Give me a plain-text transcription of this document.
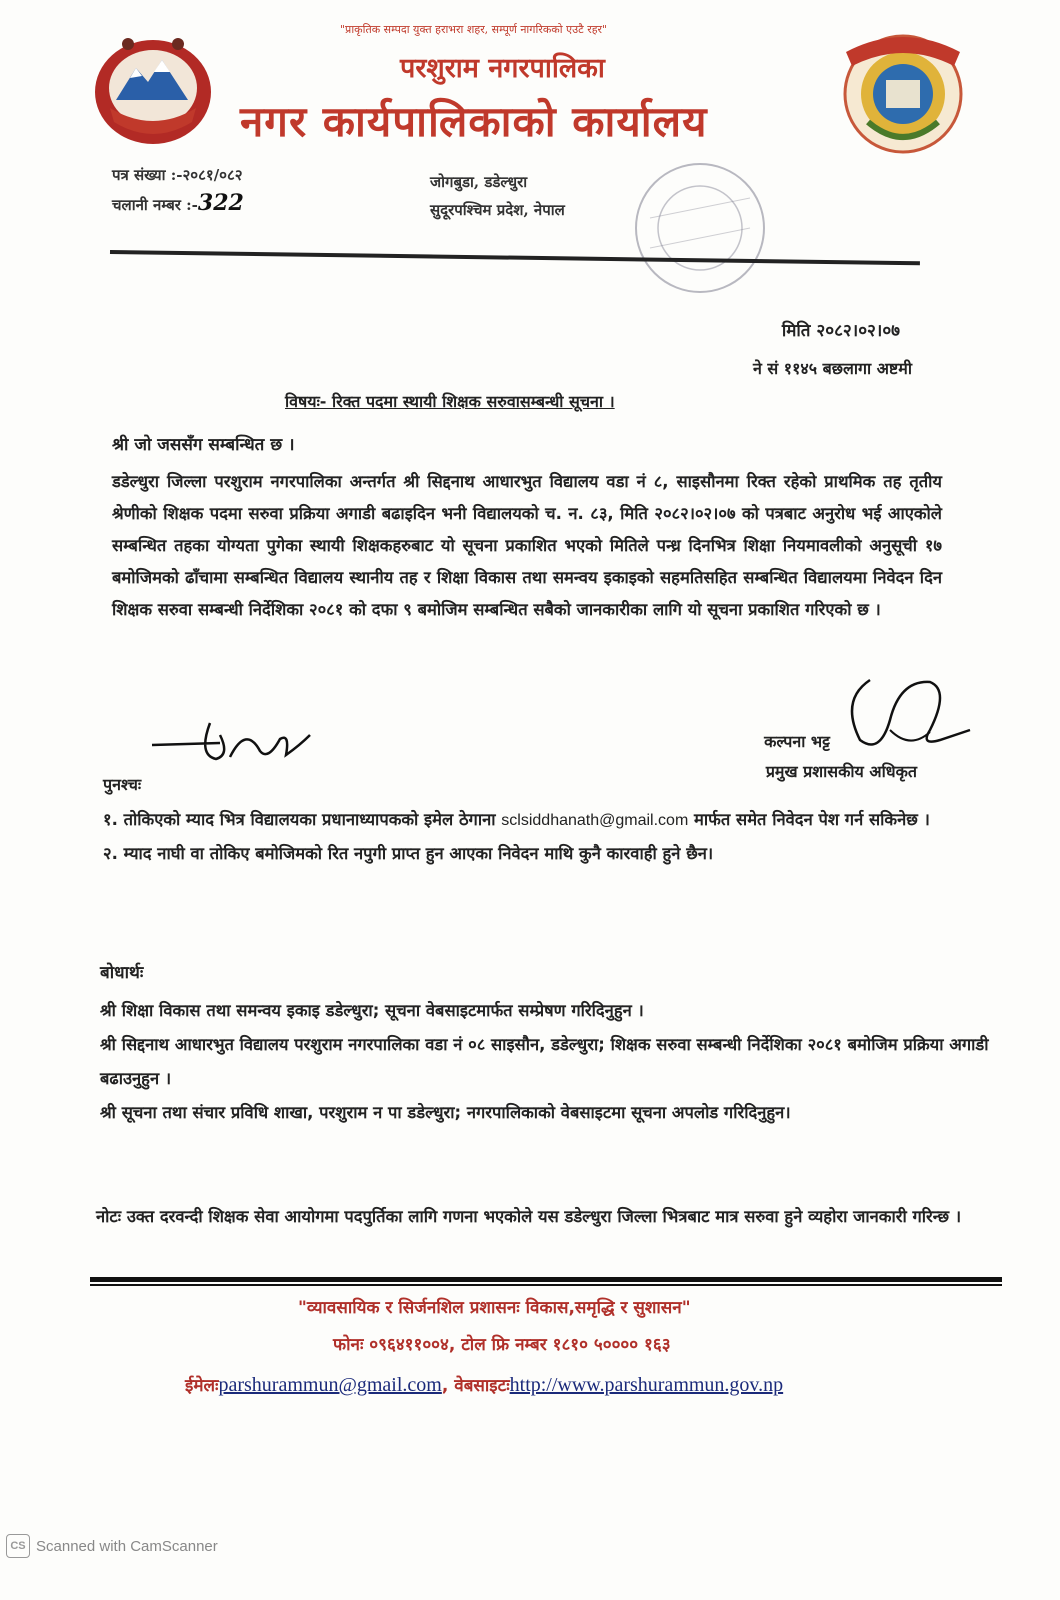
"प्राकृतिक सम्पदा युक्त हराभरा शहर, सम्पूर्ण नागरिकको एउटै रहर"
परशुराम नगरपालिका
नगर कार्यपालिकाको कार्यालय
पत्र संख्या :-२०८१/०८२
चलानी नम्बर :-322
जोगबुडा, डडेल्धुरा
सुदूरपश्चिम प्रदेश, नेपाल
मिति २०८२।०२।०७
ने सं ११४५ बछलागा अष्टमी
विषयः- रिक्त पदमा स्थायी शिक्षक सरुवासम्बन्धी सूचना ।
श्री जो जससँग सम्बन्धित छ ।
डडेल्धुरा जिल्ला परशुराम नगरपालिका अन्तर्गत श्री सिद्दनाथ आधारभुत विद्यालय वडा नं ८, साइसौनमा रिक्त रहेको प्राथमिक तह तृतीय श्रेणीको शिक्षक पदमा सरुवा प्रक्रिया अगाडी बढाइदिन भनी विद्यालयको च. न. ८३, मिति २०८२।०२।०७ को पत्रबाट अनुरोध भई आएकोले सम्बन्धित तहका योग्यता पुगेका स्थायी शिक्षकहरुबाट यो सूचना प्रकाशित भएको मितिले पन्ध्र दिनभित्र शिक्षा नियमावलीको अनुसूची १७ बमोजिमको ढाँचामा सम्बन्धित विद्यालय स्थानीय तह र शिक्षा विकास तथा समन्वय इकाइको सहमतिसहित सम्बन्धित विद्यालयमा निवेदन दिन शिक्षक सरुवा सम्बन्धी निर्देशिका २०८१ को दफा ९ बमोजिम सम्बन्धित सबैको जानकारीका लागि यो सूचना प्रकाशित गरिएको छ ।
कल्पना भट्ट
प्रमुख प्रशासकीय अधिकृत
पुनश्चः
१. तोकिएको म्याद भित्र विद्यालयका प्रधानाध्यापकको इमेल ठेगाना sclsiddhanath@gmail.com मार्फत समेत निवेदन पेश गर्न सकिनेछ ।
२. म्याद नाघी वा तोकिए बमोजिमको रित नपुगी प्राप्त हुन आएका निवेदन माथि कुनै कारवाही हुने छैन।
बोधार्थः
श्री शिक्षा विकास तथा समन्वय इकाइ डडेल्धुरा; सूचना वेबसाइटमार्फत सम्प्रेषण गरिदिनुहुन ।
श्री सिद्दनाथ आधारभुत विद्यालय परशुराम नगरपालिका वडा नं ०८ साइसौन, डडेल्धुरा; शिक्षक सरुवा सम्बन्धी निर्देशिका २०८१ बमोजिम प्रक्रिया अगाडी बढाउनुहुन ।
श्री सूचना तथा संचार प्रविधि शाखा, परशुराम न पा डडेल्धुरा; नगरपालिकाको वेबसाइटमा सूचना अपलोड गरिदिनुहुन।
नोटः उक्त दरवन्दी शिक्षक सेवा आयोगमा पदपुर्तिका लागि गणना भएकोले यस डडेल्धुरा जिल्ला भित्रबाट मात्र सरुवा हुने व्यहोरा जानकारी गरिन्छ ।
"व्यावसायिक र सिर्जनशिल प्रशासनः विकास,समृद्धि र सुशासन"
फोनः ०९६४११००४, टोल फ्रि नम्बर १८१० ५०००० १६३
ईमेलःparshurammun@gmail.com, वेबसाइटःhttp://www.parshurammun.gov.np
CS Scanned with CamScanner
